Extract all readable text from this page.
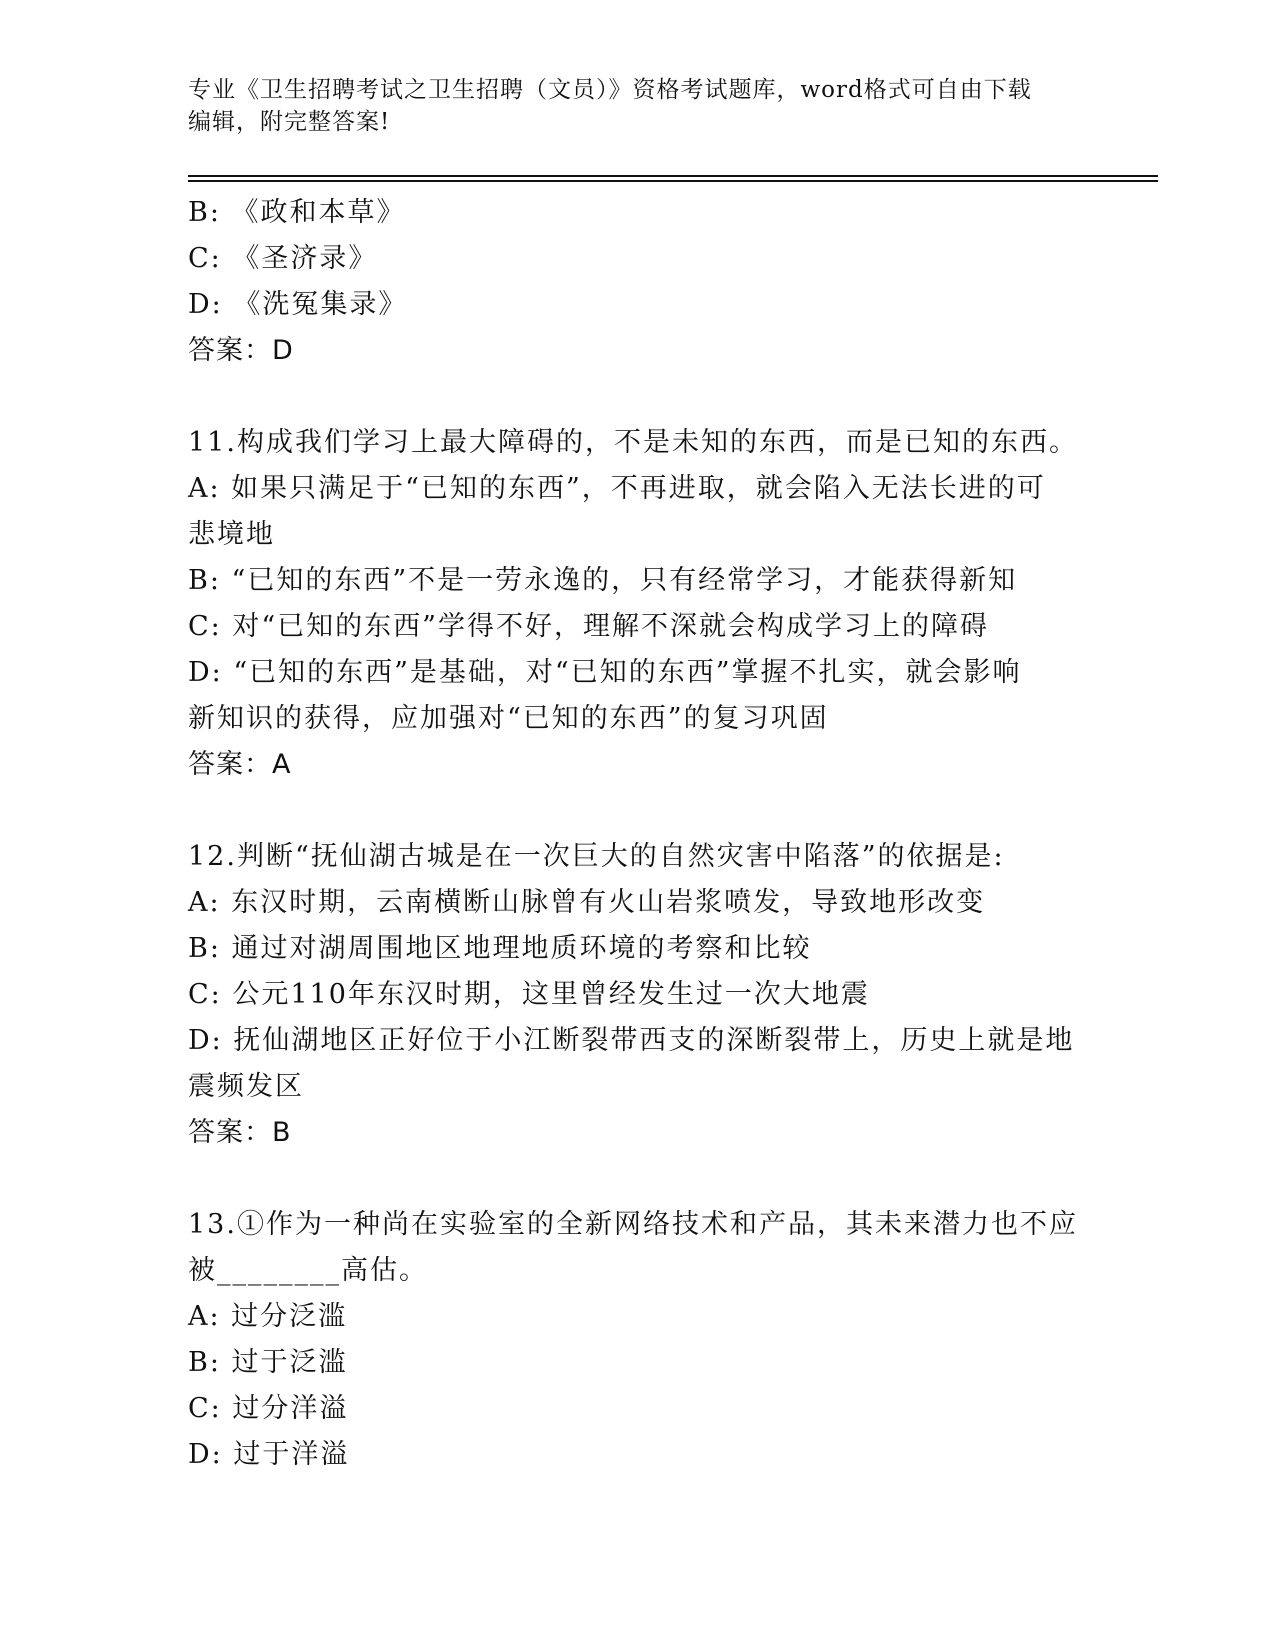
专业《卫生招聘考试之卫生招聘（文员）》资格考试题库，word格式可自由下载
编辑，附完整答案!
B: 《政和本草》
C: 《圣济录》
D: 《洗冤集录》
答案：D
11.构成我们学习上最大障碍的，不是未知的东西，而是已知的东西。
A: 如果只满足于“已知的东西”，不再进取，就会陷入无法长进的可
悲境地
B: “已知的东西”不是一劳永逸的，只有经常学习，才能获得新知
C: 对“已知的东西”学得不好，理解不深就会构成学习上的障碍
D: “已知的东西”是基础，对“已知的东西”掌握不扎实，就会影响
新知识的获得，应加强对“已知的东西”的复习巩固
答案：A
12.判断“抚仙湖古城是在一次巨大的自然灾害中陷落”的依据是:
A: 东汉时期，云南横断山脉曾有火山岩浆喷发，导致地形改变
B: 通过对湖周围地区地理地质环境的考察和比较
C: 公元110年东汉时期，这里曾经发生过一次大地震
D: 抚仙湖地区正好位于小江断裂带西支的深断裂带上，历史上就是地
震频发区
答案：B
13.①作为一种尚在实验室的全新网络技术和产品，其未来潜力也不应
被________高估。
A: 过分泛滥
B: 过于泛滥
C: 过分洋溢
D: 过于洋溢
